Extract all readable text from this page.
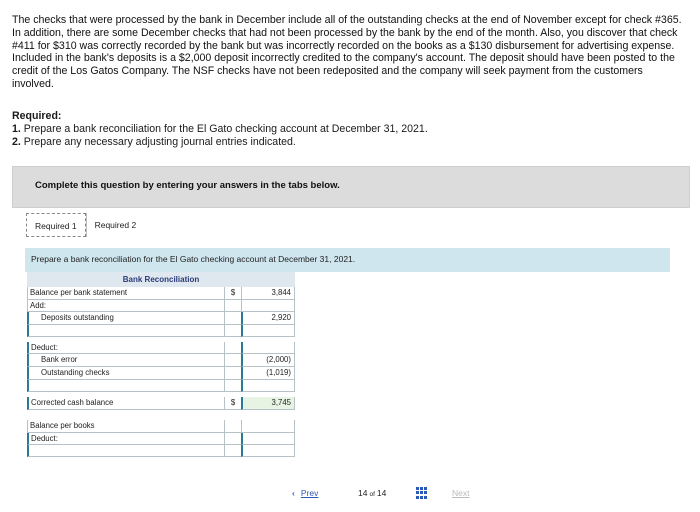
The checks that were processed by the bank in December include all of the outstanding checks at the end of November except for check #365. In addition, there are some December checks that had not been processed by the bank by the end of the month. Also, you discover that check #411 for $310 was correctly recorded by the bank but was incorrectly recorded on the books as a $130 disbursement for advertising expense. Included in the bank's deposits is a $2,000 deposit incorrectly credited to the company's account. The deposit should have been posted to the credit of the Los Gatos Company. The NSF checks have not been redeposited and the company will seek payment from the customers involved.
Required:
1. Prepare a bank reconciliation for the El Gato checking account at December 31, 2021.
2. Prepare any necessary adjusting journal entries indicated.
Complete this question by entering your answers in the tabs below.
Required 1	Required 2
Prepare a bank reconciliation for the El Gato checking account at December 31, 2021.
Bank Reconciliation
Balance per bank statement	$	3,844
Add:
Deposits outstanding	2,920
Deduct:
Bank error	(2,000)
Outstanding checks	(1,019)
Corrected cash balance	$	3,745
Balance per books
Deduct:
‹ Prev	14 of 14	Next
